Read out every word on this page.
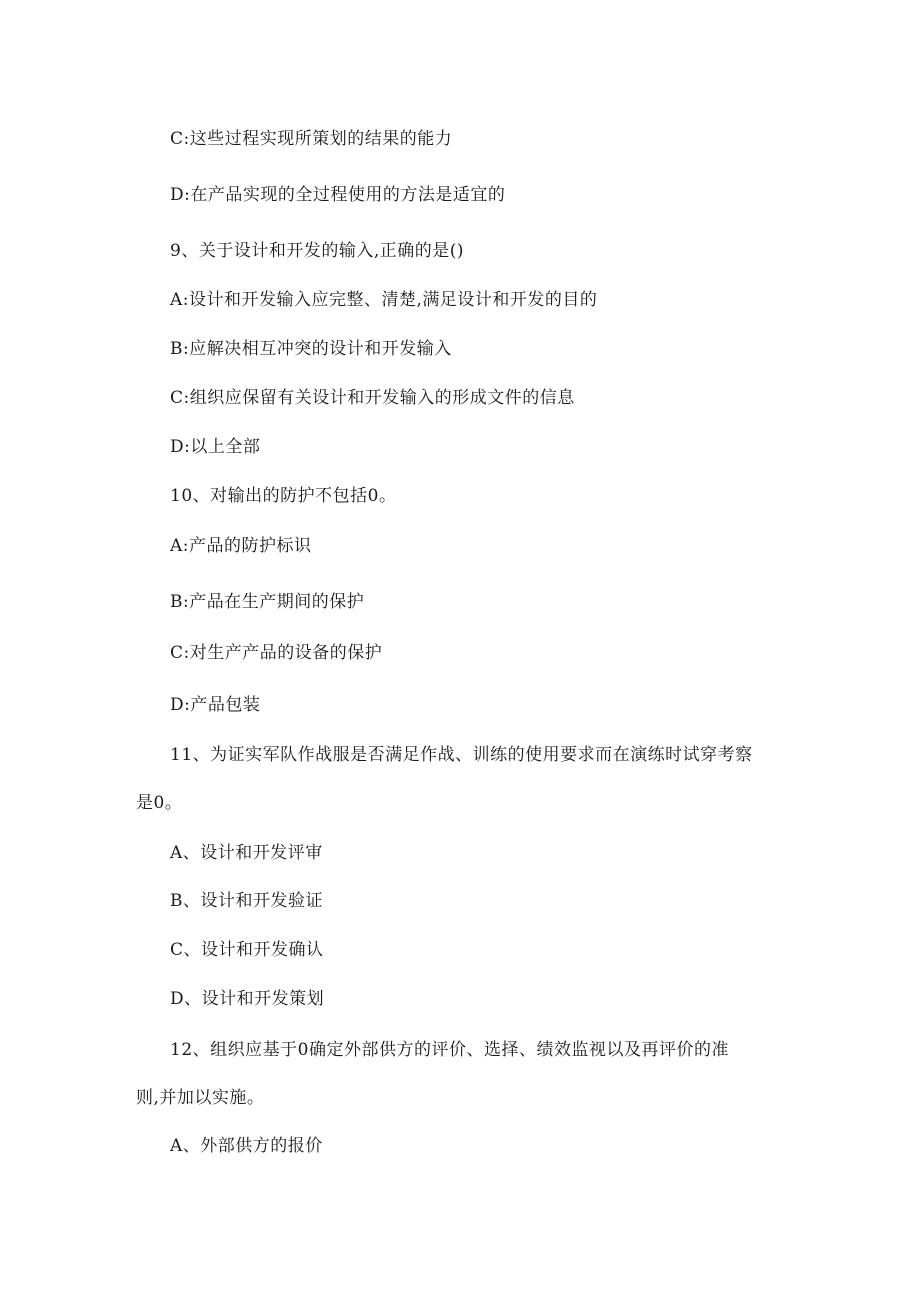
C:这些过程实现所策划的结果的能力
D:在产品实现的全过程使用的方法是适宜的
9、关于设计和开发的输入,正确的是()
A:设计和开发输入应完整、清楚,满足设计和开发的目的
B:应解决相互冲突的设计和开发输入
C:组织应保留有关设计和开发输入的形成文件的信息
D:以上全部
10、对输出的防护不包括0。
A:产品的防护标识
B:产品在生产期间的保护
C:对生产产品的设备的保护
D:产品包装
11、为证实军队作战服是否满足作战、训练的使用要求而在演练时试穿考察
是0。
A、设计和开发评审
B、设计和开发验证
C、设计和开发确认
D、设计和开发策划
12、组织应基于0确定外部供方的评价、选择、绩效监视以及再评价的准
则,并加以实施。
A、外部供方的报价
